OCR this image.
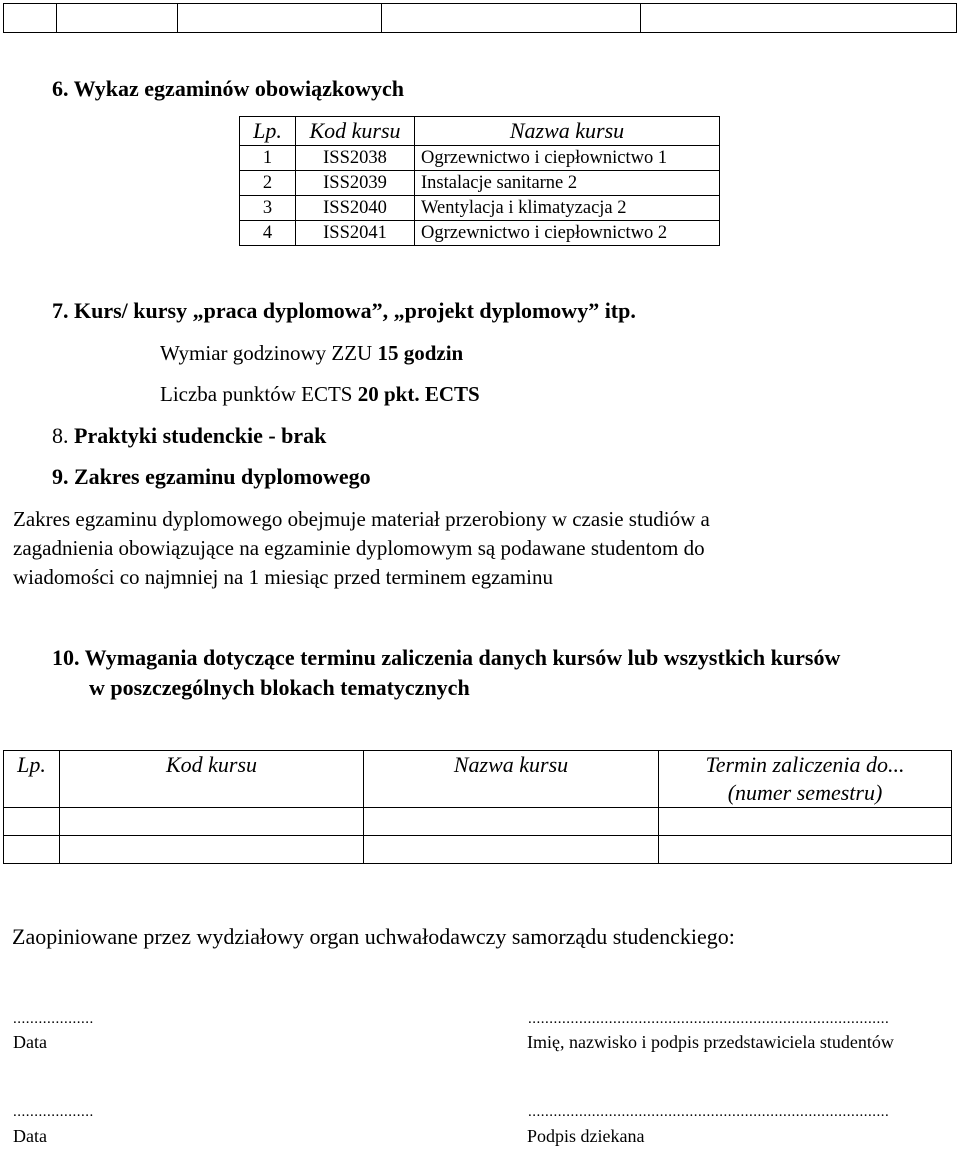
6. Wykaz egzaminów obowiązkowych
Lp.	Kod kursu	Nazwa kursu
1	ISS2038	Ogrzewnictwo i ciepłownictwo 1
2	ISS2039	Instalacje sanitarne 2
3	ISS2040	Wentylacja i klimatyzacja 2
4	ISS2041	Ogrzewnictwo i ciepłownictwo 2
7. Kurs/ kursy „praca dyplomowa”, „projekt dyplomowy” itp.
Wymiar godzinowy ZZU 15 godzin
Liczba punktów ECTS 20 pkt. ECTS
8. Praktyki studenckie - brak
9. Zakres egzaminu dyplomowego
Zakres egzaminu dyplomowego obejmuje materiał przerobiony w czasie studiów a
zagadnienia obowiązujące na egzaminie dyplomowym są podawane studentom do
wiadomości co najmniej na 1 miesiąc przed terminem egzaminu
10. Wymagania dotyczące terminu zaliczenia danych kursów lub wszystkich kursów
w poszczególnych blokach tematycznych
Lp.	Kod kursu	Nazwa kursu	Termin zaliczenia do...
(numer semestru)

Zaopiniowane przez wydziałowy organ uchwałodawczy samorządu studenckiego:
...................
Data
.....................................................................................
Imię, nazwisko i podpis przedstawiciela studentów
...................
Data
.....................................................................................
Podpis dziekana
